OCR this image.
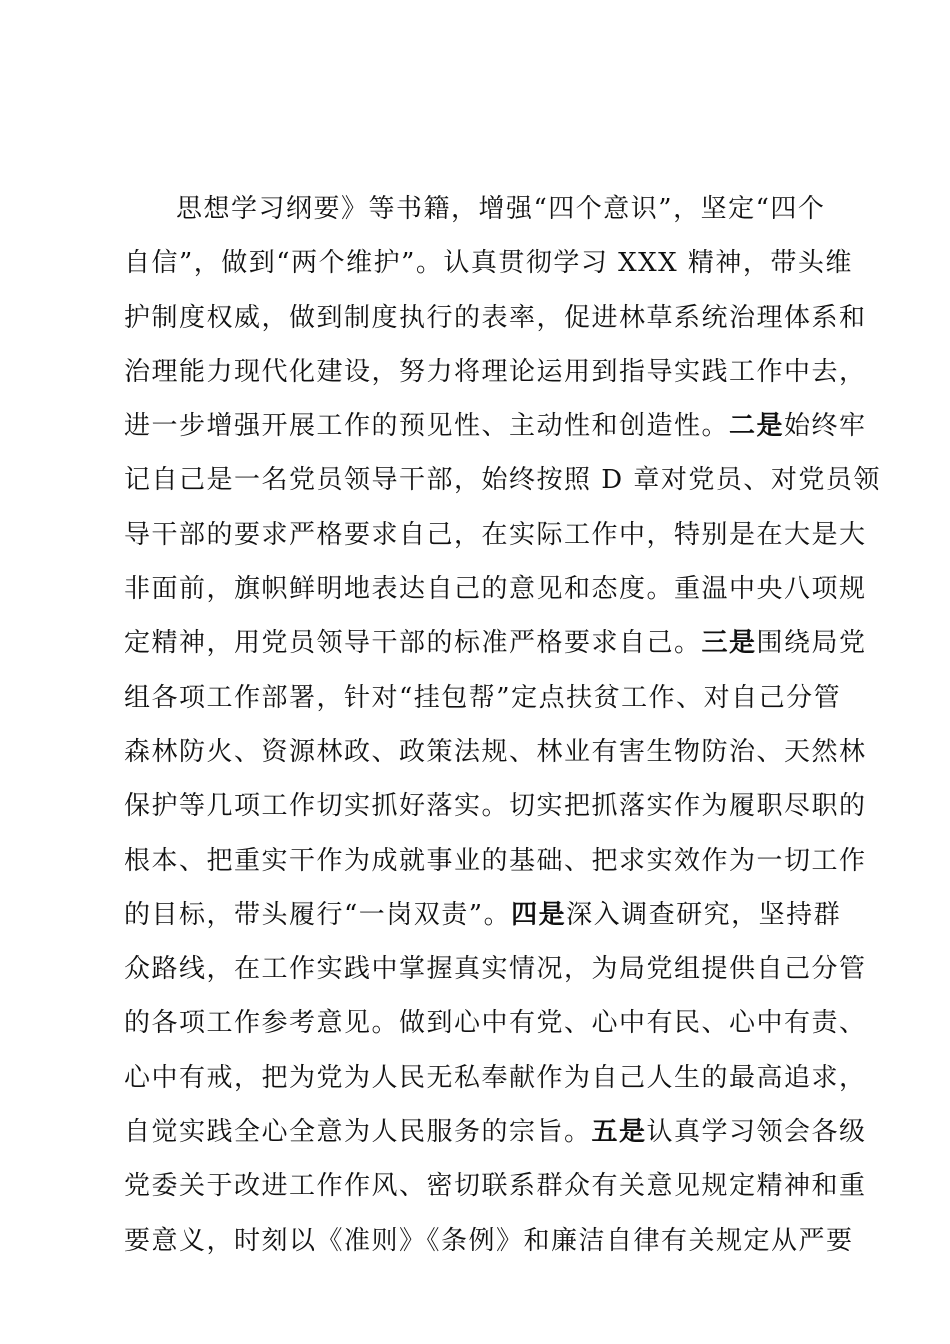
思想学习纲要》等书籍，增强“四个意识”，坚定“四个
自信”，做到“两个维护”。认真贯彻学习 XXX 精神，带头维
护制度权威，做到制度执行的表率，促进林草系统治理体系和
治理能力现代化建设，努力将理论运用到指导实践工作中去，
进一步增强开展工作的预见性、主动性和创造性。二是始终牢
记自己是一名党员领导干部，始终按照 D 章对党员、对党员领
导干部的要求严格要求自己，在实际工作中，特别是在大是大
非面前，旗帜鲜明地表达自己的意见和态度。重温中央八项规
定精神，用党员领导干部的标准严格要求自己。三是围绕局党
组各项工作部署，针对“挂包帮”定点扶贫工作、对自己分管
森林防火、资源林政、政策法规、林业有害生物防治、天然林
保护等几项工作切实抓好落实。切实把抓落实作为履职尽职的
根本、把重实干作为成就事业的基础、把求实效作为一切工作
的目标，带头履行“一岗双责”。四是深入调查研究，坚持群
众路线，在工作实践中掌握真实情况，为局党组提供自己分管
的各项工作参考意见。做到心中有党、心中有民、心中有责、
心中有戒，把为党为人民无私奉献作为自己人生的最高追求，
自觉实践全心全意为人民服务的宗旨。五是认真学习领会各级
党委关于改进工作作风、密切联系群众有关意见规定精神和重
要意义，时刻以《准则》《条例》和廉洁自律有关规定从严要
